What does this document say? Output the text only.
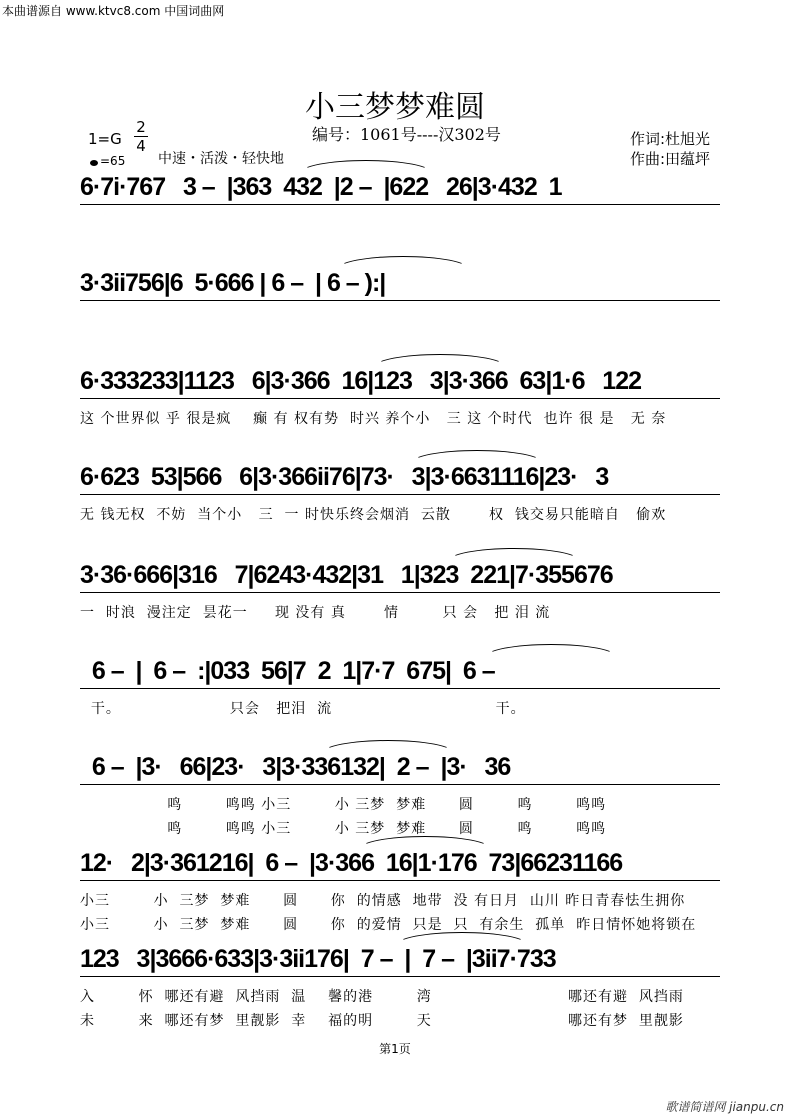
本曲谱源自 www.ktvc8.com 中国词曲网
小三梦梦难圆
编号：1061号----汉302号	作词:杜旭光
作曲:田蕴坪
1=G
2
4
=65 中速・活泼・轻快地
6·7i·767   3 –  |363  432  |2 –  |622   26|3·432  1
3·3ii756|6  5·666 | 6 –  | 6 – ):|
6·333233|1123   6|3·366  16|123   3|3·366  63|1·6   122
这 个世界似 乎 很是疯    癫 有 权有势  时兴 养个小   三 这 个时代  也许 很 是   无 奈
6·623  53|566   6|3·366ii76|73·   3|3·6631116|23·   3
无 钱无权  不妨  当个小   三  一 时快乐终会烟消  云散       权  钱交易只能暗自   偷欢
3·36·666|316   7|6243·432|31   1|323  221|7·355676
一  时浪  漫注定  昙花一     现 没有 真       情        只 会   把 泪 流
6 –  |  6 –  :|033  56|7  2  1|7·7  675|  6 –
干。                    只会   把泪  流                              干。
6 –  |3·   66|23·   3|3·336132|  2 –  |3·   36
鸣        鸣鸣 小三        小 三梦  梦难      圆        鸣        鸣鸣
鸣        鸣鸣 小三        小 三梦  梦难      圆        鸣        鸣鸣
12·   2|3·361216|  6 –  |3·366  16|1·176  73|66231166
小三        小  三梦  梦难      圆      你  的情感  地带  没 有日月  山川 昨日青春怯生拥你
小三        小  三梦  梦难      圆      你  的爱情  只是  只  有余生  孤单  昨日情怀她将锁在
123   3|3666·633|3·3ii176|  7 –  |  7 –  |3ii7·733
入        怀  哪还有避  风挡雨  温    馨的港        湾                         哪还有避  风挡雨
未        来  哪还有梦  里靓影  幸    福的明        天                         哪还有梦  里靓影
第1页
歌谱简谱网 jianpu.cn
